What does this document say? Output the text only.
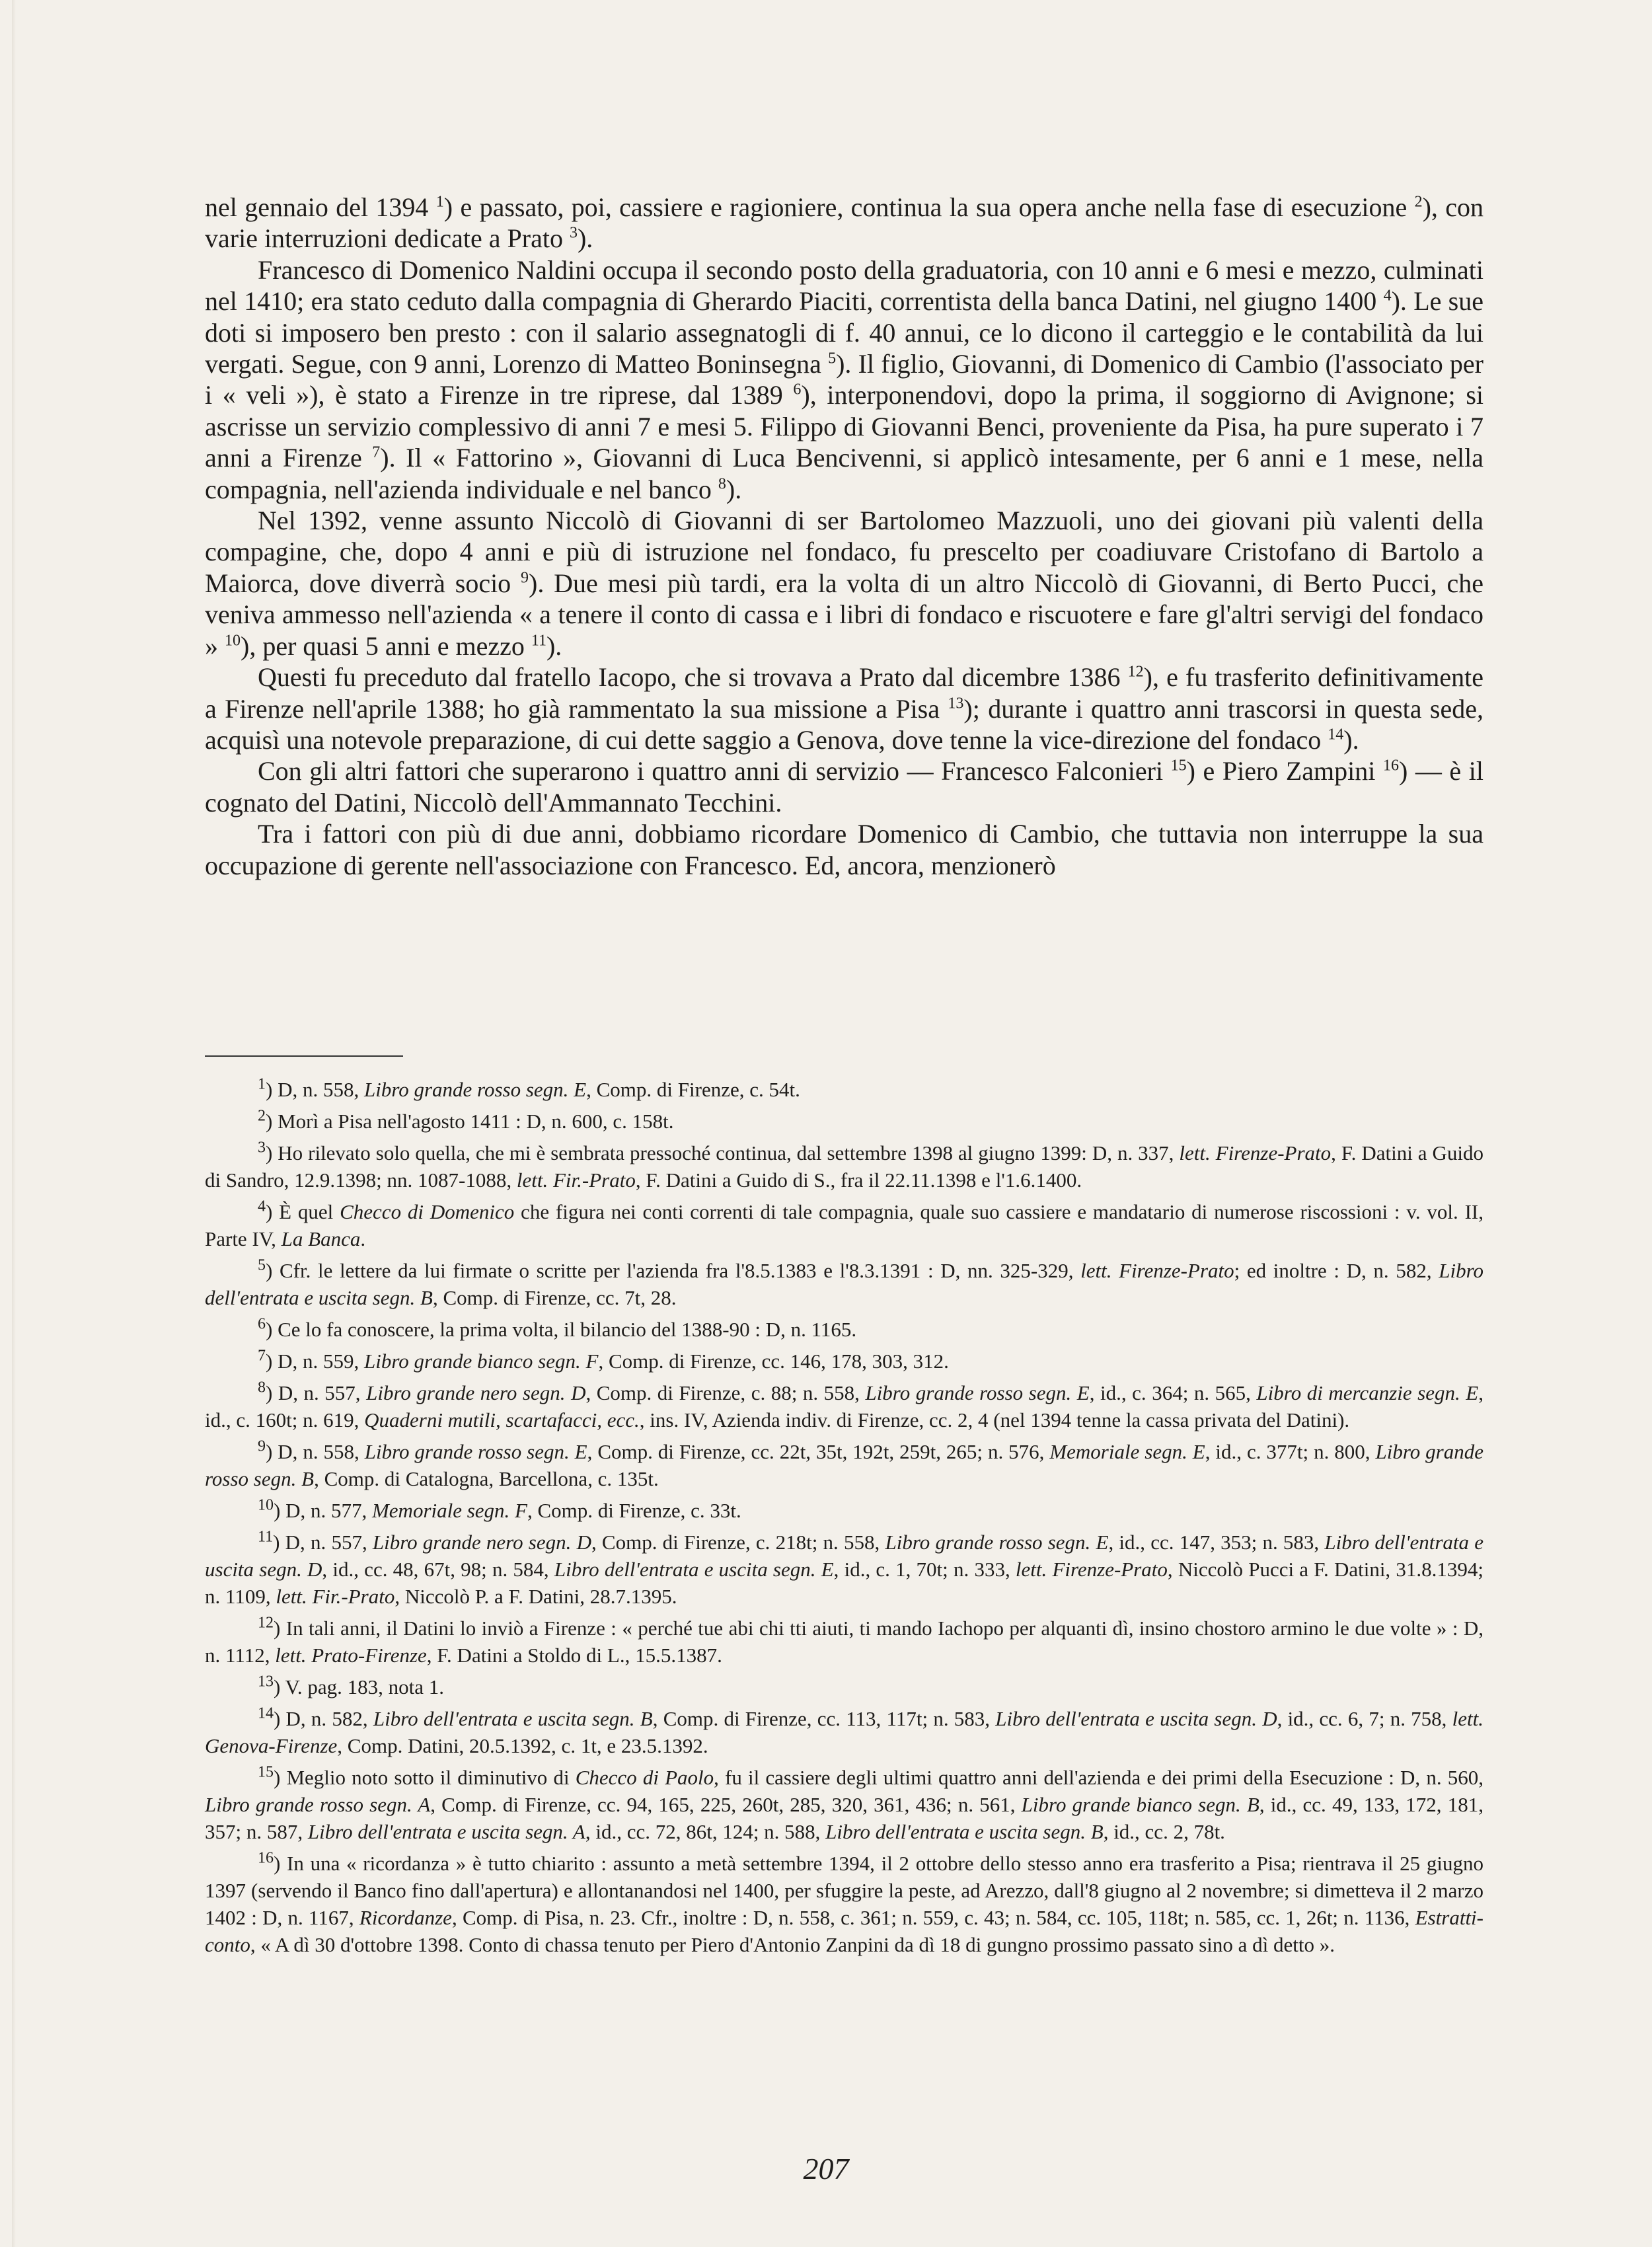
nel gennaio del 1394 $^1$) e passato, poi, cassiere e ragioniere, continua la sua opera anche nella fase di esecuzione $^2$), con varie interruzioni dedicate a Prato $^3$).

Francesco di Domenico Naldini occupa il secondo posto della graduatoria, con 10 anni e 6 mesi e mezzo, culminati nel 1410; era stato ceduto dalla compagnia di Gherardo Piaciti, correntista della banca Datini, nel giugno 1400 $^4$). Le sue doti si imposero ben presto : con il salario assegnatogli di f. 40 annui, ce lo dicono il carteggio e le contabilità da lui vergati. Segue, con 9 anni, Lorenzo di Matteo Boninsegna $^5$). Il figlio, Giovanni, di Domenico di Cambio (l'associato per i « veli »), è stato a Firenze in tre riprese, dal 1389 $^6$), interponendovi, dopo la prima, il soggiorno di Avignone; si ascrisse un servizio complessivo di anni 7 e mesi 5. Filippo di Giovanni Benci, proveniente da Pisa, ha pure superato i 7 anni a Firenze $^7$). Il « Fattorino », Giovanni di Luca Bencivenni, si applicò intesamente, per 6 anni e 1 mese, nella compagnia, nell'azienda individuale e nel banco $^8$).

Nel 1392, venne assunto Niccolò di Giovanni di ser Bartolomeo Mazzuoli, uno dei giovani più valenti della compagine, che, dopo 4 anni e più di istruzione nel fondaco, fu prescelto per coadiuvare Cristofano di Bartolo a Maiorca, dove diverrà socio $^9$). Due mesi più tardi, era la volta di un altro Niccolò di Giovanni, di Berto Pucci, che veniva ammesso nell'azienda « a tenere il conto di cassa e i libri di fondaco e riscuotere e fare gl'altri servigi del fondaco » $^{10}$), per quasi 5 anni e mezzo $^{11}$).

Questi fu preceduto dal fratello Iacopo, che si trovava a Prato dal dicembre 1386 $^{12}$), e fu trasferito definitivamente a Firenze nell'aprile 1388; ho già rammentato la sua missione a Pisa $^{13}$); durante i quattro anni trascorsi in questa sede, acquisì una notevole preparazione, di cui dette saggio a Genova, dove tenne la vice-direzione del fondaco $^{14}$).

Con gli altri fattori che superarono i quattro anni di servizio — Francesco Falconieri $^{15}$) e Piero Zampini $^{16}$) — è il cognato del Datini, Niccolò dell'Ammannato Tecchini.

Tra i fattori con più di due anni, dobbiamo ricordare Domenico di Cambio, che tuttavia non interruppe la sua occupazione di gerente nell'associazione con Francesco. Ed, ancora, menzionerò

$^1$) D, n. 558, Libro grande rosso segn. E, Comp. di Firenze, c. 54t.

$^2$) Morì a Pisa nell'agosto 1411 : D, n. 600, c. 158t.

$^3$) Ho rilevato solo quella, che mi è sembrata pressoché continua, dal settembre 1398 al giugno 1399: D, n. 337, lett. Firenze-Prato, F. Datini a Guido di Sandro, 12.9.1398; nn. 1087-1088, lett. Fir.-Prato, F. Datini a Guido di S., fra il 22.11.1398 e l'1.6.1400.

$^4$) È quel Checco di Domenico che figura nei conti correnti di tale compagnia, quale suo cassiere e mandatario di numerose riscossioni : v. vol. II, Parte IV, La Banca.

$^5$) Cfr. le lettere da lui firmate o scritte per l'azienda fra l'8.5.1383 e l'8.3.1391 : D, nn. 325-329, lett. Firenze-Prato; ed inoltre : D, n. 582, Libro dell'entrata e uscita segn. B, Comp. di Firenze, cc. 7t, 28.

$^6$) Ce lo fa conoscere, la prima volta, il bilancio del 1388-90 : D, n. 1165.

$^7$) D, n. 559, Libro grande bianco segn. F, Comp. di Firenze, cc. 146, 178, 303, 312.

$^8$) D, n. 557, Libro grande nero segn. D, Comp. di Firenze, c. 88; n. 558, Libro grande rosso segn. E, id., c. 364; n. 565, Libro di mercanzie segn. E, id., c. 160t; n. 619, Quaderni mutili, scartafacci, ecc., ins. IV, Azienda indiv. di Firenze, cc. 2, 4 (nel 1394 tenne la cassa privata del Datini).

$^9$) D, n. 558, Libro grande rosso segn. E, Comp. di Firenze, cc. 22t, 35t, 192t, 259t, 265; n. 576, Memoriale segn. E, id., c. 377t; n. 800, Libro grande rosso segn. B, Comp. di Catalogna, Barcellona, c. 135t.

$^{10}$) D, n. 577, Memoriale segn. F, Comp. di Firenze, c. 33t.

$^{11}$) D, n. 557, Libro grande nero segn. D, Comp. di Firenze, c. 218t; n. 558, Libro grande rosso segn. E, id., cc. 147, 353; n. 583, Libro dell'entrata e uscita segn. D, id., cc. 48, 67t, 98; n. 584, Libro dell'entrata e uscita segn. E, id., c. 1, 70t; n. 333, lett. Firenze-Prato, Niccolò Pucci a F. Datini, 31.8.1394; n. 1109, lett. Fir.-Prato, Niccolò P. a F. Datini, 28.7.1395.

$^{12}$) In tali anni, il Datini lo inviò a Firenze : « perché tue abi chi tti aiuti, ti mando Iachopo per alquanti dì, insino chostoro armino le due volte » : D, n. 1112, lett. Prato-Firenze, F. Datini a Stoldo di L., 15.5.1387.

$^{13}$) V. pag. 183, nota 1.

$^{14}$) D, n. 582, Libro dell'entrata e uscita segn. B, Comp. di Firenze, cc. 113, 117t; n. 583, Libro dell'entrata e uscita segn. D, id., cc. 6, 7; n. 758, lett. Genova-Firenze, Comp. Datini, 20.5.1392, c. 1t, e 23.5.1392.

$^{15}$) Meglio noto sotto il diminutivo di Checco di Paolo, fu il cassiere degli ultimi quattro anni dell'azienda e dei primi della Esecuzione : D, n. 560, Libro grande rosso segn. A, Comp. di Firenze, cc. 94, 165, 225, 260t, 285, 320, 361, 436; n. 561, Libro grande bianco segn. B, id., cc. 49, 133, 172, 181, 357; n. 587, Libro dell'entrata e uscita segn. A, id., cc. 72, 86t, 124; n. 588, Libro dell'entrata e uscita segn. B, id., cc. 2, 78t.

$^{16}$) In una « ricordanza » è tutto chiarito : assunto a metà settembre 1394, il 2 ottobre dello stesso anno era trasferito a Pisa; rientrava il 25 giugno 1397 (servendo il Banco fino dall'apertura) e allontanandosi nel 1400, per sfuggire la peste, ad Arezzo, dall'8 giugno al 2 novembre; si dimetteva il 2 marzo 1402 : D, n. 1167, Ricordanze, Comp. di Pisa, n. 23. Cfr., inoltre : D, n. 558, c. 361; n. 559, c. 43; n. 584, cc. 105, 118t; n. 585, cc. 1, 26t; n. 1136, Estratti-conto, « A dì 30 d'ottobre 1398. Conto di chassa tenuto per Piero d'Antonio Zanpini da dì 18 di gungno prossimo passato sino a dì detto ».

207
